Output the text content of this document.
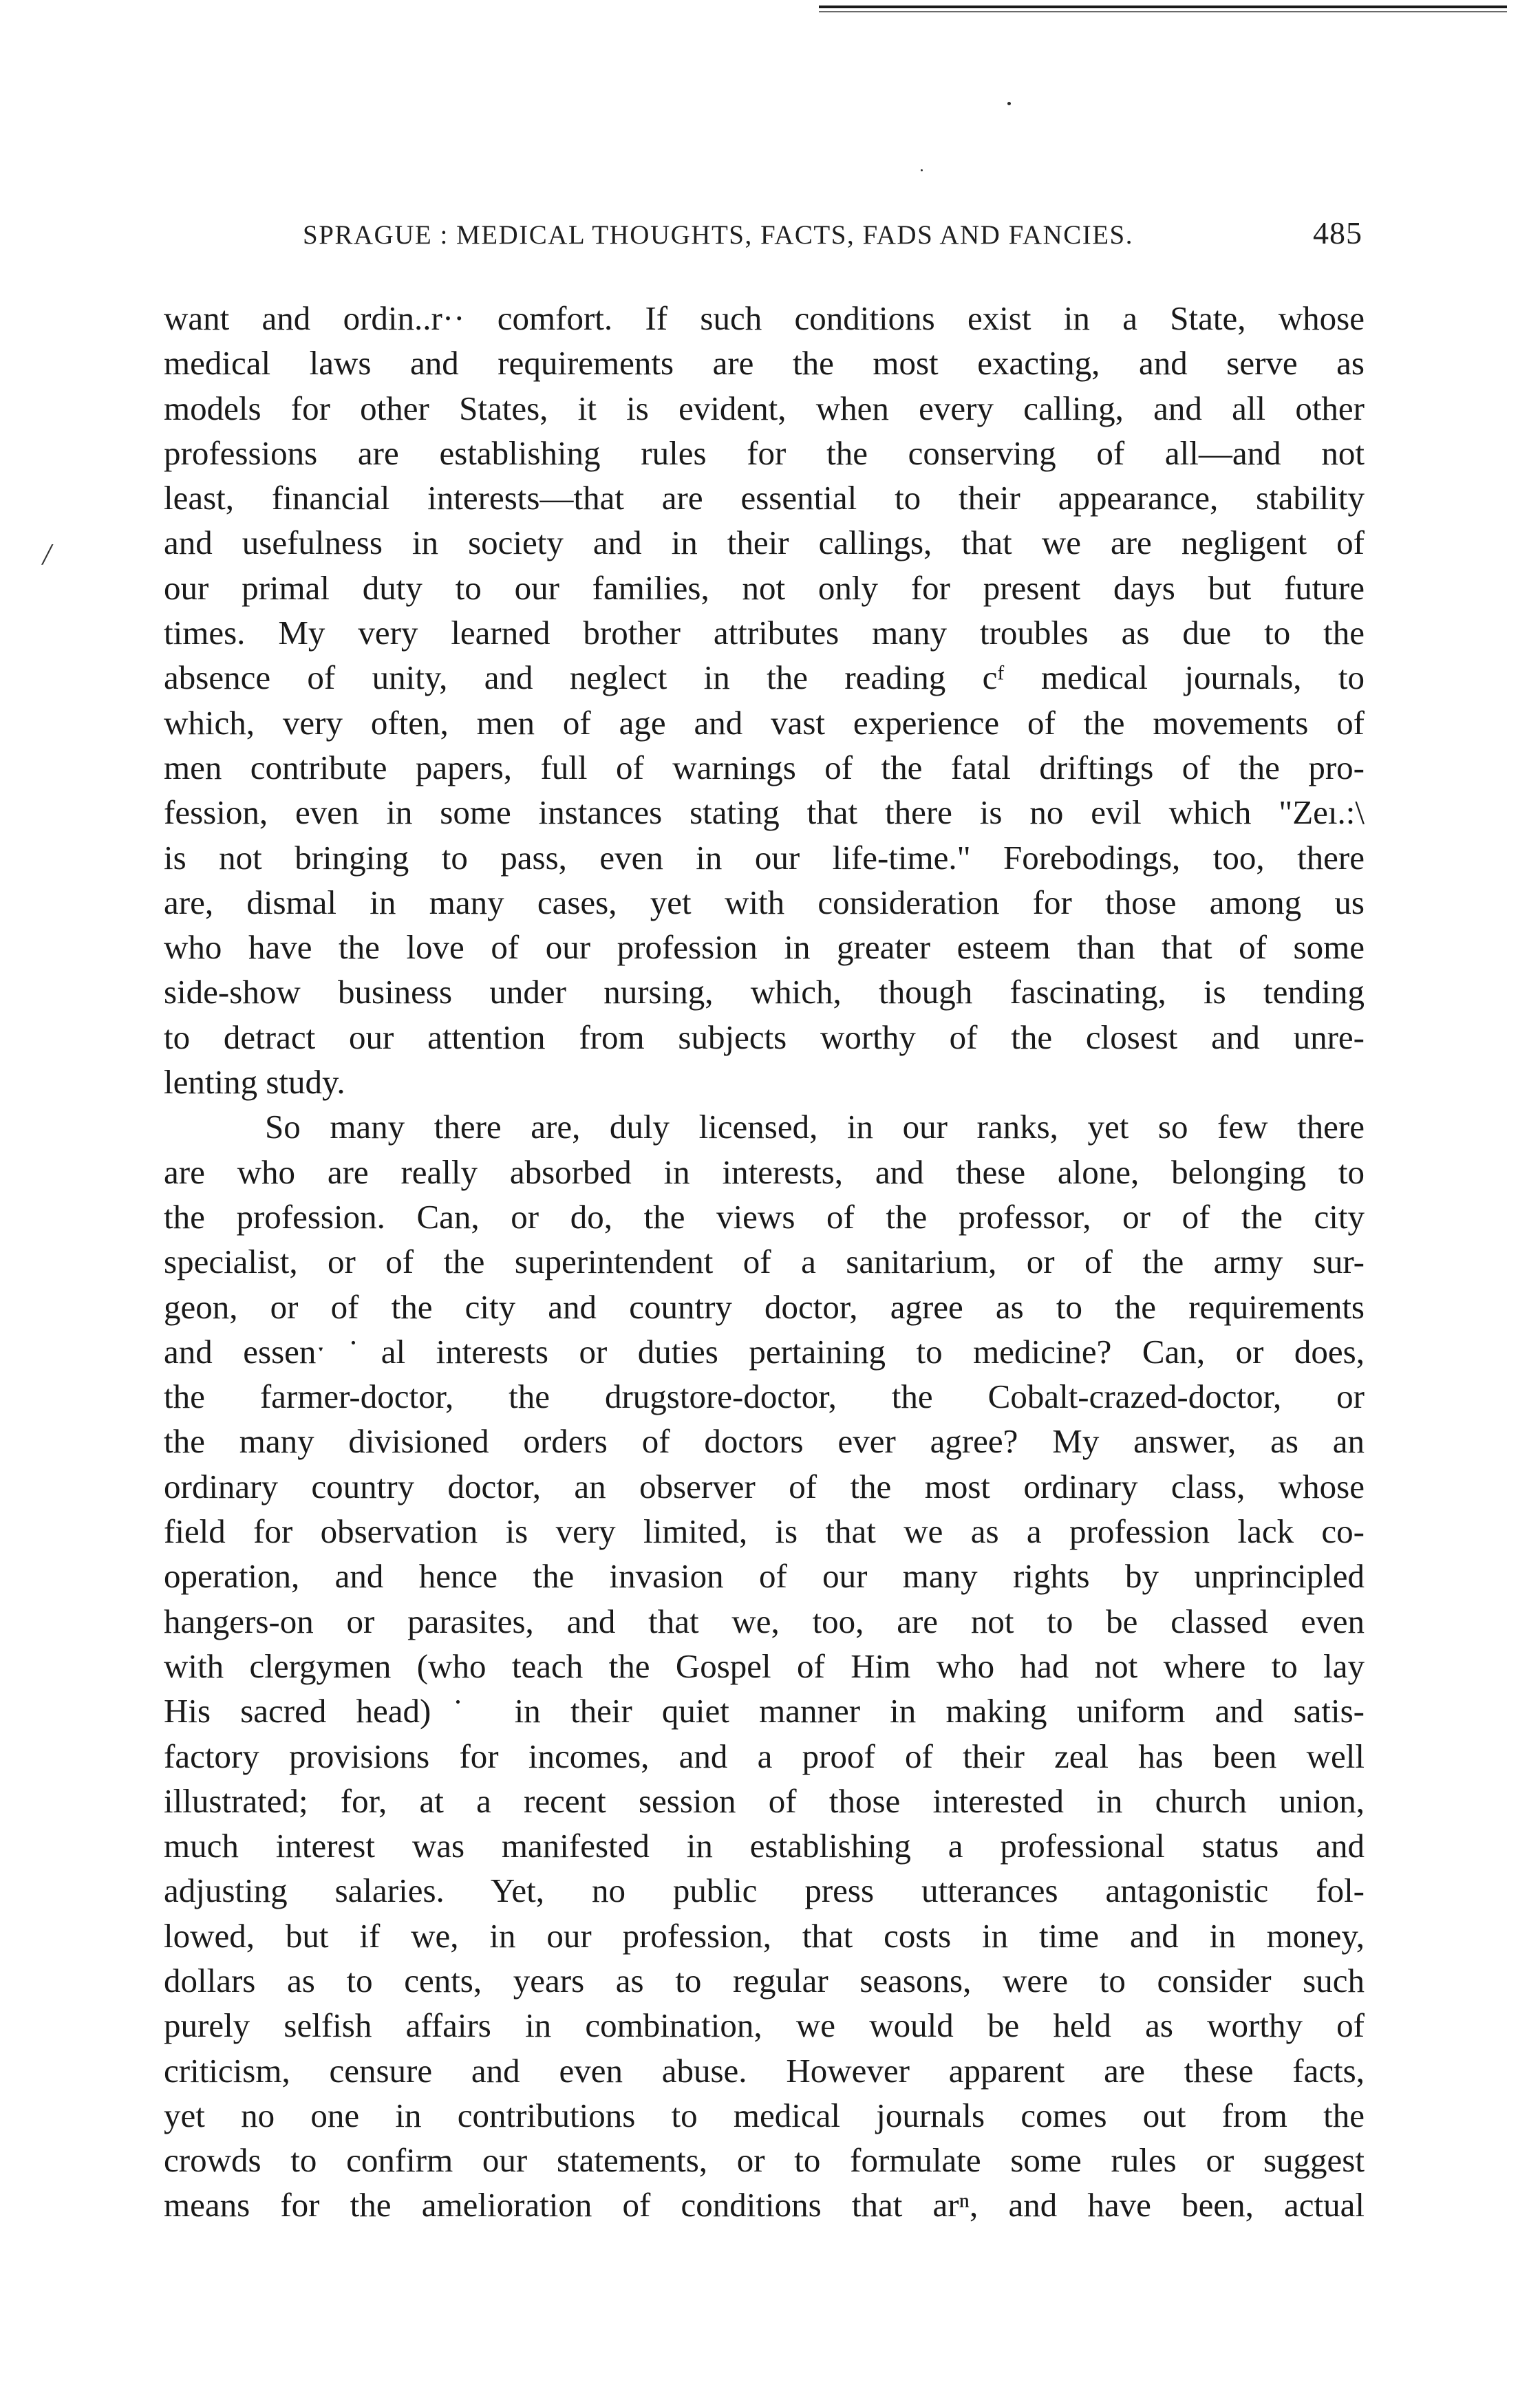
/
SPRAGUE : MEDICAL THOUGHTS, FACTS, FADS AND FANCIES.	485
want and ordin..r·· comfort. If such conditions exist in a State, whose
medical laws and requirements are the most exacting, and serve as
models for other States, it is evident, when every calling, and all other
professions are establishing rules for the conserving of all—and not
least, financial interests—that are essential to their appearance, stability
and usefulness in society and in their callings, that we are negligent of
our primal duty to our families, not only for present days but future
times. My very learned brother attributes many troubles as due to the
absence of unity, and neglect in the reading cᶠ medical journals, to
which, very often, men of age and vast experience of the movements of
men contribute papers, full of warnings of the fatal driftings of the pro-
fession, even in some instances stating that there is no evil which "Zeı.:\
is not bringing to pass, even in our life-time." Forebodings, too, there
are, dismal in many cases, yet with consideration for those among us
who have the love of our profession in greater esteem than that of some
side-show business under nursing, which, though fascinating, is tending
to detract our attention from subjects worthy of the closest and unre-
lenting study.
So many there are, duly licensed, in our ranks, yet so few there
are who are really absorbed in interests, and these alone, belonging to
the profession. Can, or do, the views of the professor, or of the city
specialist, or of the superintendent of a sanitarium, or of the army sur-
geon, or of the city and country doctor, agree as to the requirements
and essenˑ˙al interests or duties pertaining to medicine? Can, or does,
the farmer-doctor, the drugstore-doctor, the Cobalt-crazed-doctor, or
the many divisioned orders of doctors ever agree? My answer, as an
ordinary country doctor, an observer of the most ordinary class, whose
field for observation is very limited, is that we as a profession lack co-
operation, and hence the invasion of our many rights by unprincipled
hangers-on or parasites, and that we, too, are not to be classed even
with clergymen (who teach the Gospel of Him who had not where to lay
His sacred head)˙ in their quiet manner in making uniform and satis-
factory provisions for incomes, and a proof of their zeal has been well
illustrated; for, at a recent session of those interested in church union,
much interest was manifested in establishing a professional status and
adjusting salaries. Yet, no public press utterances antagonistic fol-
lowed, but if we, in our profession, that costs in time and in money,
dollars as to cents, years as to regular seasons, were to consider such
purely selfish affairs in combination, we would be held as worthy of
criticism, censure and even abuse. However apparent are these facts,
yet no one in contributions to medical journals comes out from the
crowds to confirm our statements, or to formulate some rules or suggest
means for the amelioration of conditions that arⁿ, and have been, actual
